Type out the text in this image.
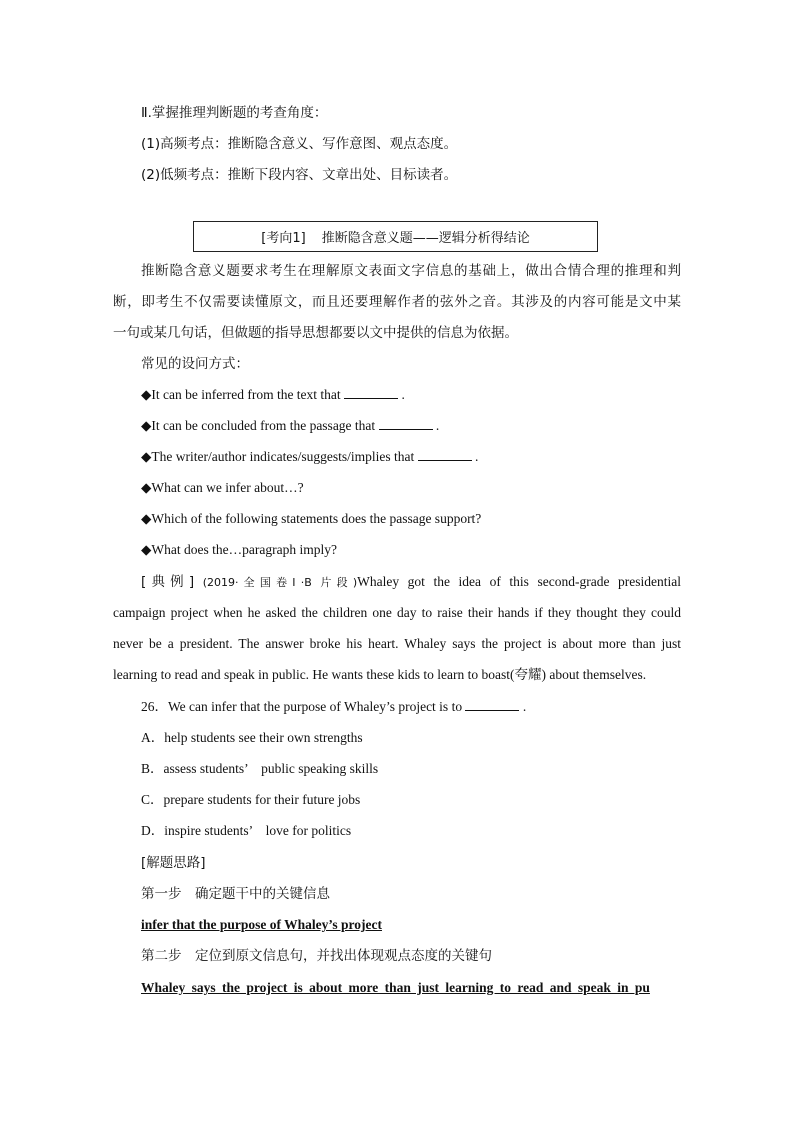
Ⅱ.掌握推理判断题的考查角度：
(1)高频考点：推断隐含意义、写作意图、观点态度。
(2)低频考点：推断下段内容、文章出处、目标读者。
[考向1] 推断隐含意义题——逻辑分析得结论
推断隐含意义题要求考生在理解原文表面文字信息的基础上，做出合情合理的推理和判
断，即考生不仅需要读懂原文，而且还要理解作者的弦外之音。其涉及的内容可能是文中某
一句或某几句话，但做题的指导思想都要以文中提供的信息为依据。
常见的设问方式：
◆It can be inferred from the text that	.
◆It can be concluded from the passage that	.
◆The writer/author indicates/suggests/implies that	.
◆What can we infer about…?
◆Which of the following statements does the passage support?
◆What does the…paragraph imply?
[典例] (2019·全国卷Ⅰ·B 片段)Whaley got the idea of this second-grade presidential
campaign project when he asked the children one day to raise their hands if they thought they could
never be a president. The answer broke his heart. Whaley says the project is about more than just
learning to read and speak in public. He wants these kids to learn to boast(夸耀) about themselves.
26．We can infer that the purpose of Whaley’s project is to	.
A．help students see their own strengths
B．assess students’　public speaking skills
C．prepare students for their future jobs
D．inspire students’　love for politics
[解题思路]
第一步　确定题干中的关键信息
infer that the purpose of Whaley’s project
第二步　定位到原文信息句，并找出体现观点态度的关键句
Whaley says the project is about more than just learning to read and speak in pu
